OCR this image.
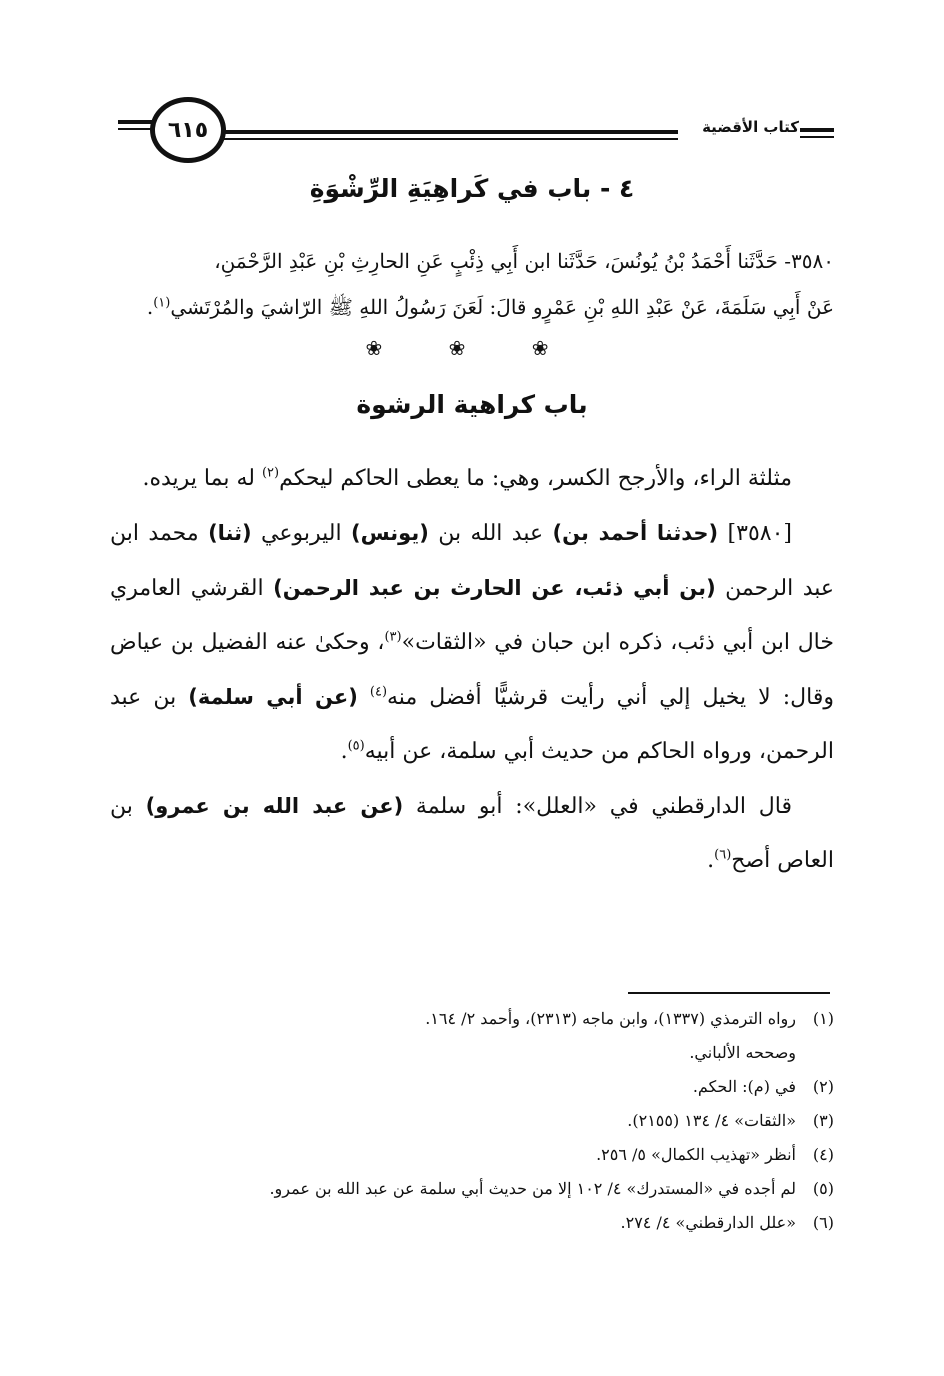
٦١٥	كتاب الأقضية
٤ - باب في كَراهِيَةِ الرِّشْوَةِ
٣٥٨٠- حَدَّثَنا أَحْمَدُ بْنُ يُونُسَ، حَدَّثَنا ابن أَبِي ذِئْبٍ عَنِ الحارِثِ بْنِ عَبْدِ الرَّحْمَنِ،
عَنْ أَبِي سَلَمَةَ، عَنْ عَبْدِ اللهِ بْنِ عَمْرٍو قالَ: لَعَنَ رَسُولُ اللهِ ﷺ الرّاشيَ والمُرْتَشي$^{(١)}$.
❀ ❀ ❀
باب كراهية الرشوة

مثلثة الراء، والأرجح الكسر، وهي: ما يعطى الحاكم ليحكم$^{(٢)}$ له بما يريده.

[٣٥٨٠] (حدثنا أحمد بن) عبد الله بن (يونس) اليربوعي (ثنا) محمد ابن عبد الرحمن (بن أبي ذئب، عن الحارث بن عبد الرحمن) القرشي العامري خال ابن أبي ذئب، ذكره ابن حبان في «الثقات»$^{(٣)}$، وحكىٰ عنه الفضيل بن عياض وقال: لا يخيل إلي أني رأيت قرشيًّا أفضل منه$^{(٤)}$ (عن أبي سلمة) بن عبد الرحمن، ورواه الحاكم من حديث أبي سلمة، عن أبيه$^{(٥)}$.

قال الدارقطني في «العلل»: أبو سلمة (عن عبد الله بن عمرو) بن العاص أصح$^{(٦)}$.

(١)رواه الترمذي (١٣٣٧)، وابن ماجه (٢٣١٣)، وأحمد ٢/ ١٦٤.
وصححه الألباني.
(٢)في (م): الحكم.
(٣)«الثقات» ٤/ ١٣٤ (٢١٥٥).
(٤)أنظر «تهذيب الكمال» ٥/ ٢٥٦.
(٥)لم أجده في «المستدرك» ٤/ ١٠٢ إلا من حديث أبي سلمة عن عبد الله بن عمرو.
(٦)«علل الدارقطني» ٤/ ٢٧٤.
